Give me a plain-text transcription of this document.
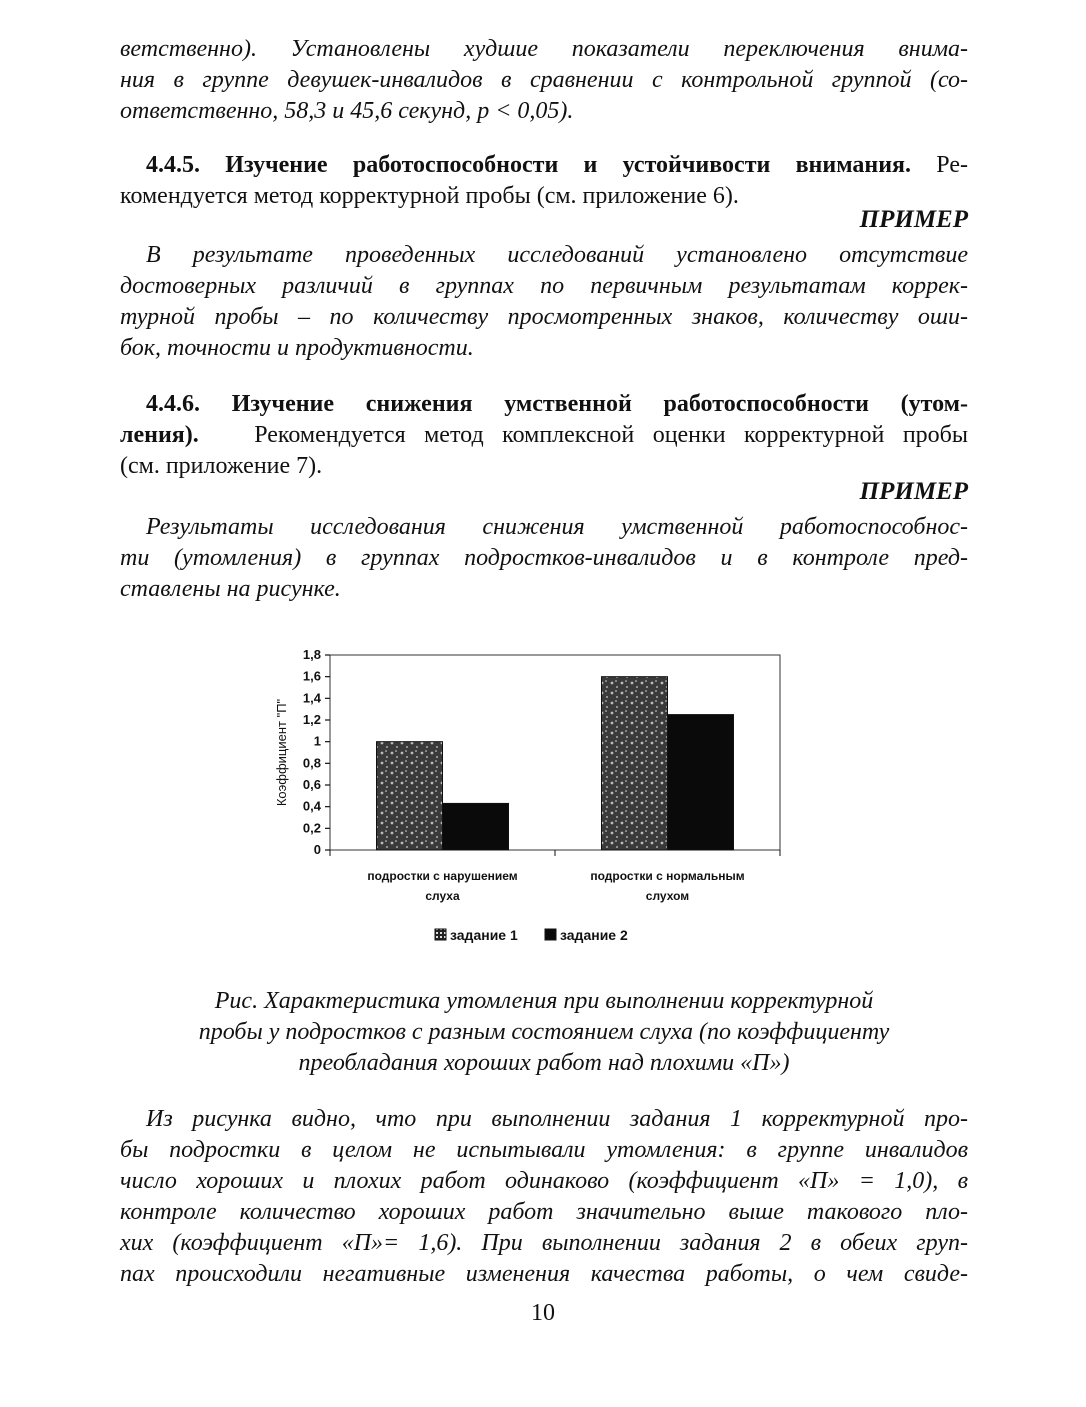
ветственно). Установлены худшие показатели переключения внима-
ния в группе девушек-инвалидов в сравнении с контрольной группой (со-
ответственно, 58,3 и 45,6 секунд, р < 0,05).
4.4.5. Изучение работоспособности и устойчивости внимания. Ре-
комендуется метод корректурной пробы (см. приложение 6).
ПРИМЕР
В результате проведенных исследований установлено отсутствие
достоверных различий в группах по первичным результатам коррек-
турной пробы – по количеству просмотренных знаков, количеству оши-
бок, точности и продуктивности.
4.4.6. Изучение снижения умственной работоспособности (утом-
ления). Рекомендуется метод комплексной оценки корректурной пробы
(см. приложение 7).
ПРИМЕР
Результаты исследования снижения умственной работоспособнос-
ти (утомления) в группах подростков-инвалидов и в контроле пред-
ставлены на рисунке.
0
0,2
0,4
0,6
0,8
1
1,2
1,4
1,6
1,8
Коэффициент "П"
подростки с нарушением
слуха
подростки с нормальным
слухом
задание 1	задание 2
Рис. Характеристика утомления при выполнении корректурной
пробы у подростков с разным состоянием слуха (по коэффициенту
преобладания хороших работ над плохими «П»)
Из рисунка видно, что при выполнении задания 1 корректурной про-
бы подростки в целом не испытывали утомления: в группе инвалидов
число хороших и плохих работ одинаково (коэффициент «П» = 1,0), в
контроле количество хороших работ значительно выше такового пло-
хих (коэффициент «П»= 1,6). При выполнении задания 2 в обеих груп-
пах происходили негативные изменения качества работы, о чем свиде-
10
